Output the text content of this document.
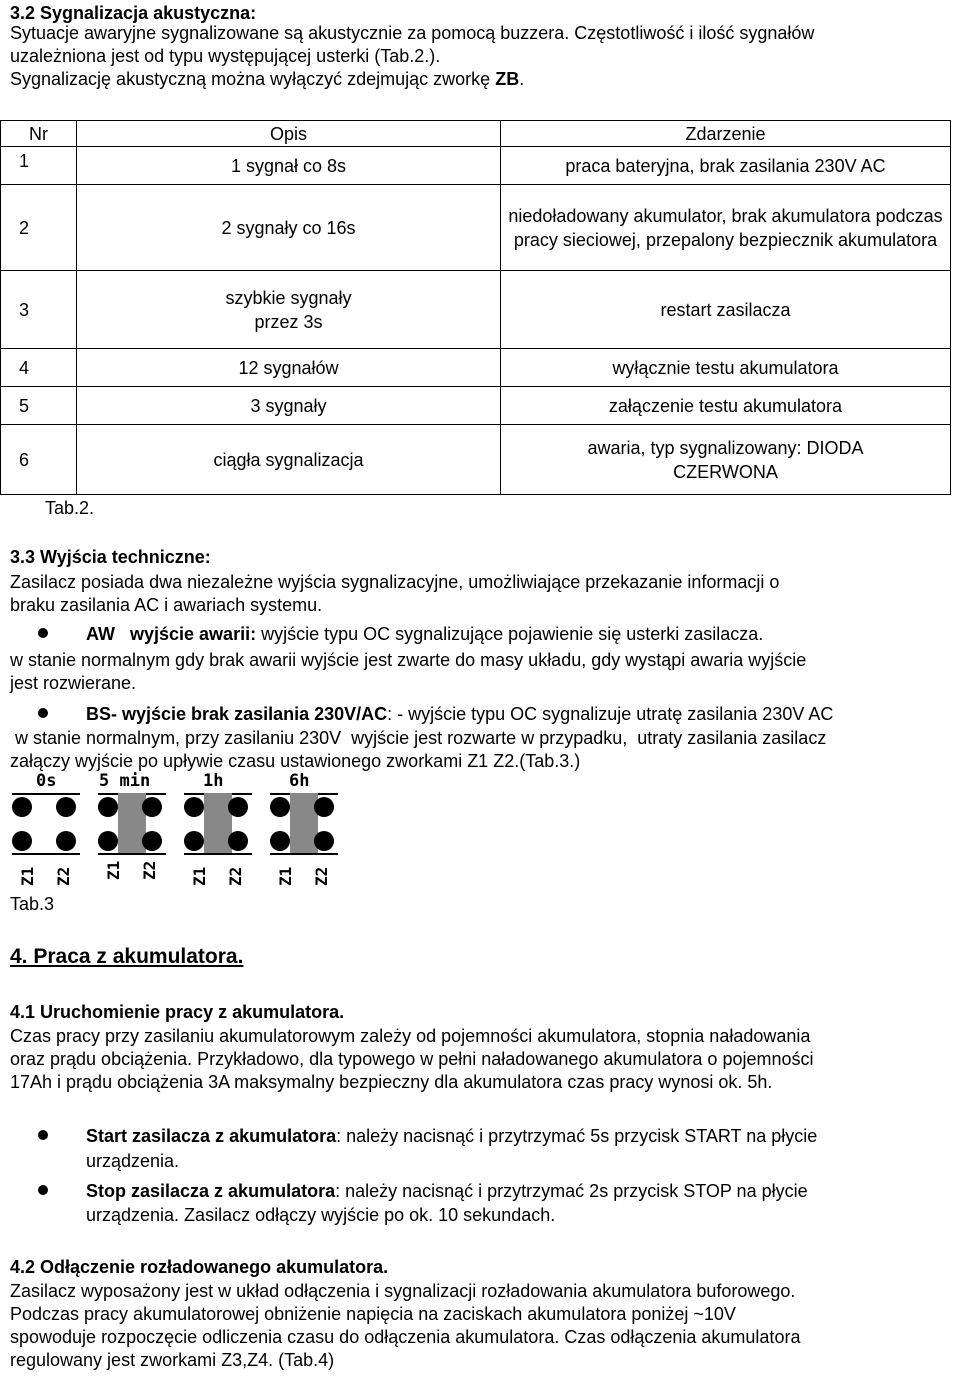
3.2 Sygnalizacja akustyczna:
Sytuacje awaryjne sygnalizowane są akustycznie za pomocą buzzera. Częstotliwość i ilość sygnałów
uzależniona jest od typu występującej usterki (Tab.2.).
Sygnalizację akustyczną można wyłączyć zdejmując zworkę ZB.
Nr	Opis	Zdarzenie
1	1 sygnał co 8s	praca bateryjna, brak zasilania 230V AC
2	2 sygnały co 16s	niedoładowany akumulator, brak akumulatora podczas pracy sieciowej, przepalony bezpiecznik akumulatora
3	szybkie sygnały przez 3s	restart zasilacza
4	12 sygnałów	wyłącznie testu akumulatora
5	3 sygnały	załączenie testu akumulatora
6	ciągła sygnalizacja	awaria, typ sygnalizowany: DIODA CZERWONA
Tab.2.
3.3 Wyjścia techniczne:
Zasilacz posiada dwa niezależne wyjścia sygnalizacyjne, umożliwiające przekazanie informacji o
braku zasilania AC i awariach systemu.
AW   wyjście awarii: wyjście typu OC sygnalizujące pojawienie się usterki zasilacza.
w stanie normalnym gdy brak awarii wyjście jest zwarte do masy układu, gdy wystąpi awaria wyjście
jest rozwierane.
BS- wyjście brak zasilania 230V/AC: - wyjście typu OC sygnalizuje utratę zasilania 230V AC
w stanie normalnym, przy zasilaniu 230V  wyjście jest rozwarte w przypadku,  utraty zasilania zasilacz
załączy wyjście po upływie czasu ustawionego zworkami Z1 Z2.(Tab.3.)
0s	5 min	1h	6h
Z1 Z2 Z1 Z2 Z1 Z2 Z1 Z2
Tab.3
4. Praca z akumulatora.
4.1 Uruchomienie pracy z akumulatora.
Czas pracy przy zasilaniu akumulatorowym zależy od pojemności akumulatora, stopnia naładowania
oraz prądu obciążenia. Przykładowo, dla typowego w pełni naładowanego akumulatora o pojemności
17Ah i prądu obciążenia 3A maksymalny bezpieczny dla akumulatora czas pracy wynosi ok. 5h.
Start zasilacza z akumulatora: należy nacisnąć i przytrzymać 5s przycisk START na płycie
urządzenia.
Stop zasilacza z akumulatora: należy nacisnąć i przytrzymać 2s przycisk STOP na płycie
urządzenia. Zasilacz odłączy wyjście po ok. 10 sekundach.
4.2 Odłączenie rozładowanego akumulatora.
Zasilacz wyposażony jest w układ odłączenia i sygnalizacji rozładowania akumulatora buforowego.
Podczas pracy akumulatorowej obniżenie napięcia na zaciskach akumulatora poniżej ~10V
spowoduje rozpoczęcie odliczenia czasu do odłączenia akumulatora. Czas odłączenia akumulatora
regulowany jest zworkami Z3,Z4. (Tab.4)
